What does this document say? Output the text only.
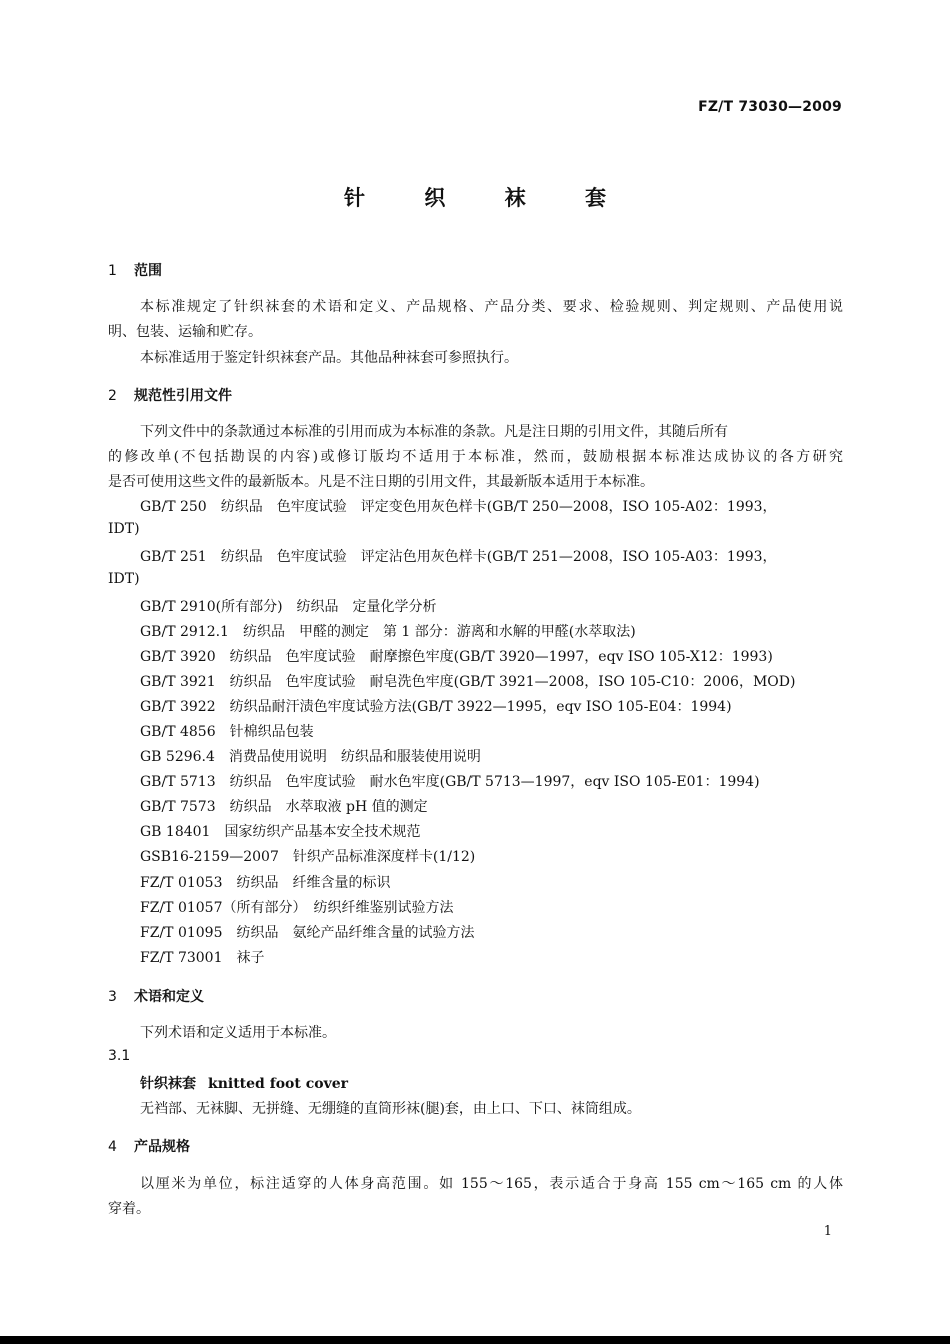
FZ/T 73030—2009
针 织 袜 套
1 范围
本标准规定了针织袜套的术语和定义、产品规格、产品分类、要求、检验规则、判定规则、产品使用说
明、包装、运输和贮存。
本标准适用于鉴定针织袜套产品。其他品种袜套可参照执行。
2 规范性引用文件
下列文件中的条款通过本标准的引用而成为本标准的条款。凡是注日期的引用文件，其随后所有
的修改单(不包括勘误的内容)或修订版均不适用于本标准，然而，鼓励根据本标准达成协议的各方研究
是否可使用这些文件的最新版本。凡是不注日期的引用文件，其最新版本适用于本标准。
GB/T 250　纺织品　色牢度试验　评定变色用灰色样卡(GB/T 250—2008，ISO 105-A02：1993，
IDT)
GB/T 251　纺织品　色牢度试验　评定沾色用灰色样卡(GB/T 251—2008，ISO 105-A03：1993，
IDT)
GB/T 2910(所有部分)　纺织品　定量化学分析
GB/T 2912.1　纺织品　甲醛的测定　第 1 部分：游离和水解的甲醛(水萃取法)
GB/T 3920　纺织品　色牢度试验　耐摩擦色牢度(GB/T 3920—1997，eqv ISO 105-X12：1993)
GB/T 3921　纺织品　色牢度试验　耐皂洗色牢度(GB/T 3921—2008，ISO 105-C10：2006，MOD)
GB/T 3922　纺织品耐汗渍色牢度试验方法(GB/T 3922—1995，eqv ISO 105-E04：1994)
GB/T 4856　针棉织品包装
GB 5296.4　消费品使用说明　纺织品和服装使用说明
GB/T 5713　纺织品　色牢度试验　耐水色牢度(GB/T 5713—1997，eqv ISO 105-E01：1994)
GB/T 7573　纺织品　水萃取液 pH 值的测定
GB 18401　国家纺织产品基本安全技术规范
GSB16-2159—2007　针织产品标准深度样卡(1/12)
FZ/T 01053　纺织品　纤维含量的标识
FZ/T 01057（所有部分）　纺织纤维鉴别试验方法
FZ/T 01095　纺织品　氨纶产品纤维含量的试验方法
FZ/T 73001　袜子
3 术语和定义
下列术语和定义适用于本标准。
3.1
针织袜套 knitted foot cover
无裆部、无袜脚、无拼缝、无绷缝的直筒形袜(腿)套，由上口、下口、袜筒组成。
4 产品规格
以厘米为单位，标注适穿的人体身高范围。如 155～165，表示适合于身高 155 cm～165 cm 的人体
穿着。
1
